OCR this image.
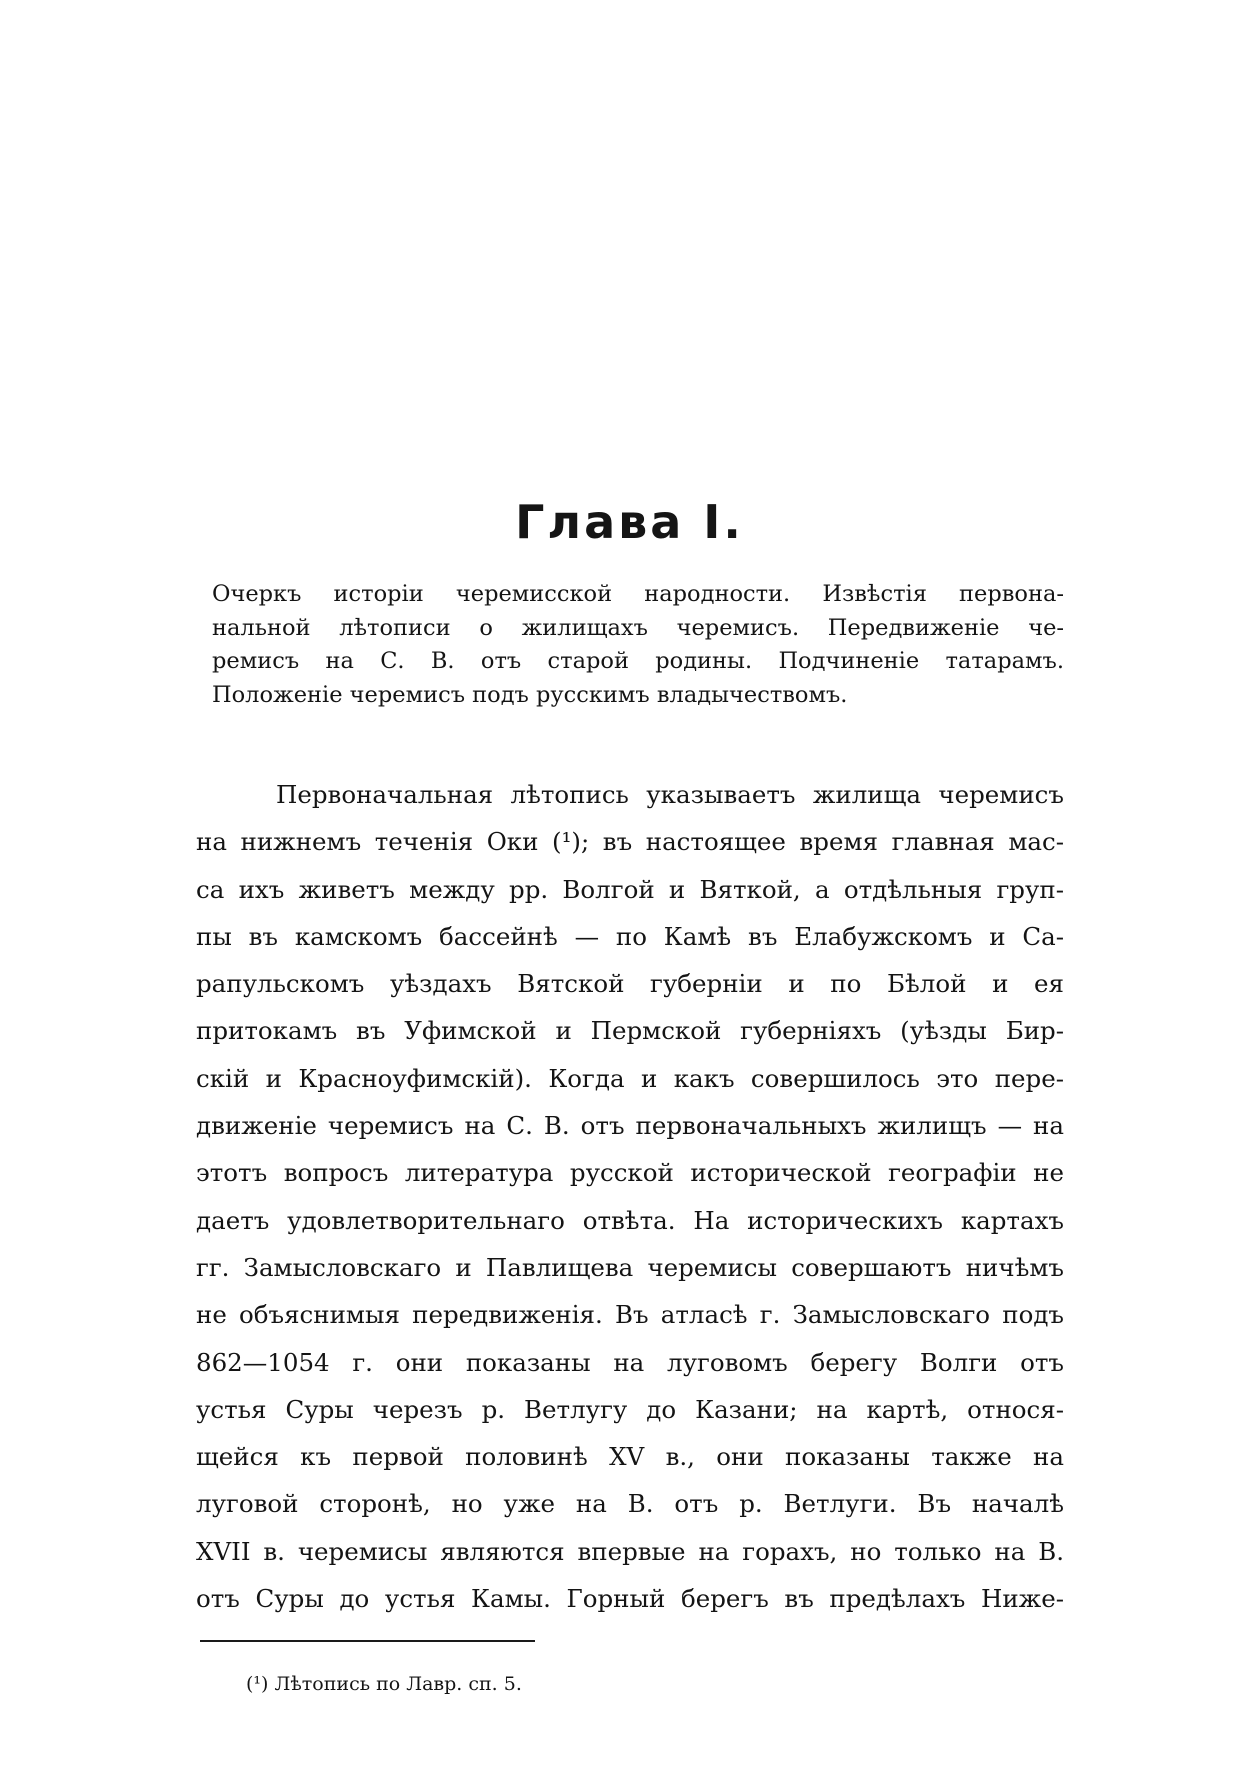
Глава I.
Очеркъ исторіи черемисской народности. Извѣстія первона-
нальной лѣтописи о жилищахъ черемисъ. Передвиженіе че-
ремисъ на С. В. отъ старой родины. Подчиненіе татарамъ.
Положеніе черемисъ подъ русскимъ владычествомъ.
Первоначальная лѣтопись указываетъ жилища черемисъ
на нижнемъ теченія Оки (¹); въ настоящее время главная мас-
са ихъ живетъ между рр. Волгой и Вяткой, а отдѣльныя груп-
пы въ камскомъ бассейнѣ — по Камѣ въ Елабужскомъ и Са-
рапульскомъ уѣздахъ Вятской губерніи и по Бѣлой и ея
притокамъ въ Уфимской и Пермской губерніяхъ (уѣзды Бир-
скій и Красноуфимскій). Когда и какъ совершилось это пере-
движеніе черемисъ на С. В. отъ первоначальныхъ жилищъ — на
этотъ вопросъ литература русской исторической географіи не
даетъ удовлетворительнаго отвѣта. На историческихъ картахъ
гг. Замысловскаго и Павлищева черемисы совершаютъ ничѣмъ
не объяснимыя передвиженія. Въ атласѣ г. Замысловскаго подъ
862—1054 г. они показаны на луговомъ берегу Волги отъ
устья Суры черезъ р. Ветлугу до Казани; на картѣ, относя-
щейся къ первой половинѣ XV в., они показаны также на
луговой сторонѣ, но уже на В. отъ р. Ветлуги. Въ началѣ
XVII в. черемисы являются впервые на горахъ, но только на В.
отъ Суры до устья Камы. Горный берегъ въ предѣлахъ Ниже-

(¹) Лѣтопись по Лавр. сп. 5.
